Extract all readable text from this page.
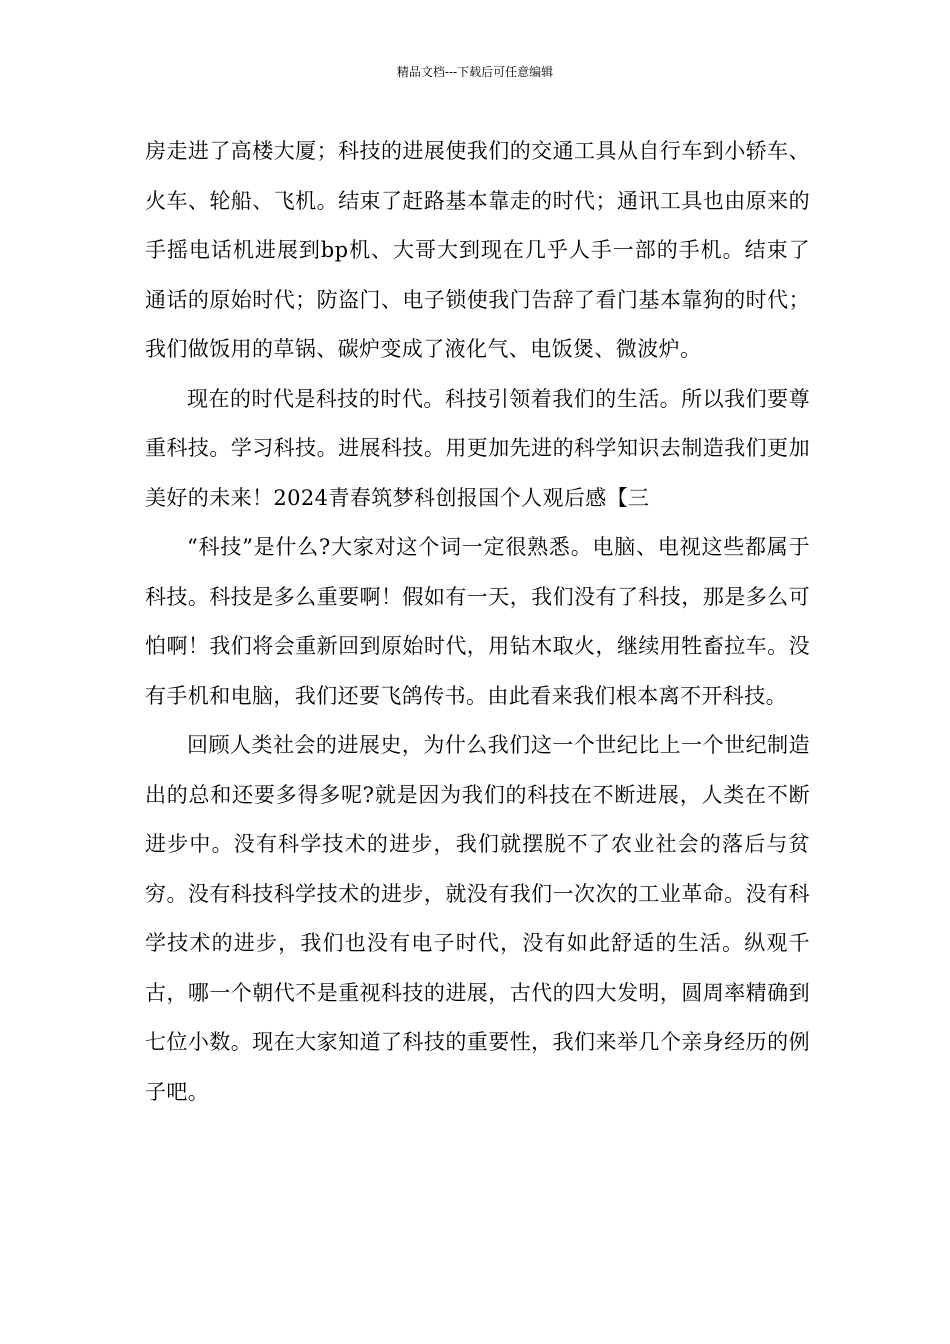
精品文档---下载后可任意编辑

房走进了高楼大厦；科技的进展使我们的交通工具从自行车到小轿车、火车、轮船、飞机。结束了赶路基本靠走的时代；通讯工具也由原来的手摇电话机进展到bp机、大哥大到现在几乎人手一部的手机。结束了通话的原始时代；防盗门、电子锁使我门告辞了看门基本靠狗的时代；我们做饭用的草锅、碳炉变成了液化气、电饭煲、微波炉。

现在的时代是科技的时代。科技引领着我们的生活。所以我们要尊重科技。学习科技。进展科技。用更加先进的科学知识去制造我们更加美好的未来！2024青春筑梦科创报国个人观后感【三

“科技”是什么?大家对这个词一定很熟悉。电脑、电视这些都属于科技。科技是多么重要啊！假如有一天，我们没有了科技，那是多么可怕啊！我们将会重新回到原始时代，用钻木取火，继续用牲畜拉车。没有手机和电脑，我们还要飞鸽传书。由此看来我们根本离不开科技。

回顾人类社会的进展史，为什么我们这一个世纪比上一个世纪制造出的总和还要多得多呢?就是因为我们的科技在不断进展，人类在不断进步中。没有科学技术的进步，我们就摆脱不了农业社会的落后与贫穷。没有科技科学技术的进步，就没有我们一次次的工业革命。没有科学技术的进步，我们也没有电子时代，没有如此舒适的生活。纵观千古，哪一个朝代不是重视科技的进展，古代的四大发明，圆周率精确到七位小数。现在大家知道了科技的重要性，我们来举几个亲身经历的例子吧。
